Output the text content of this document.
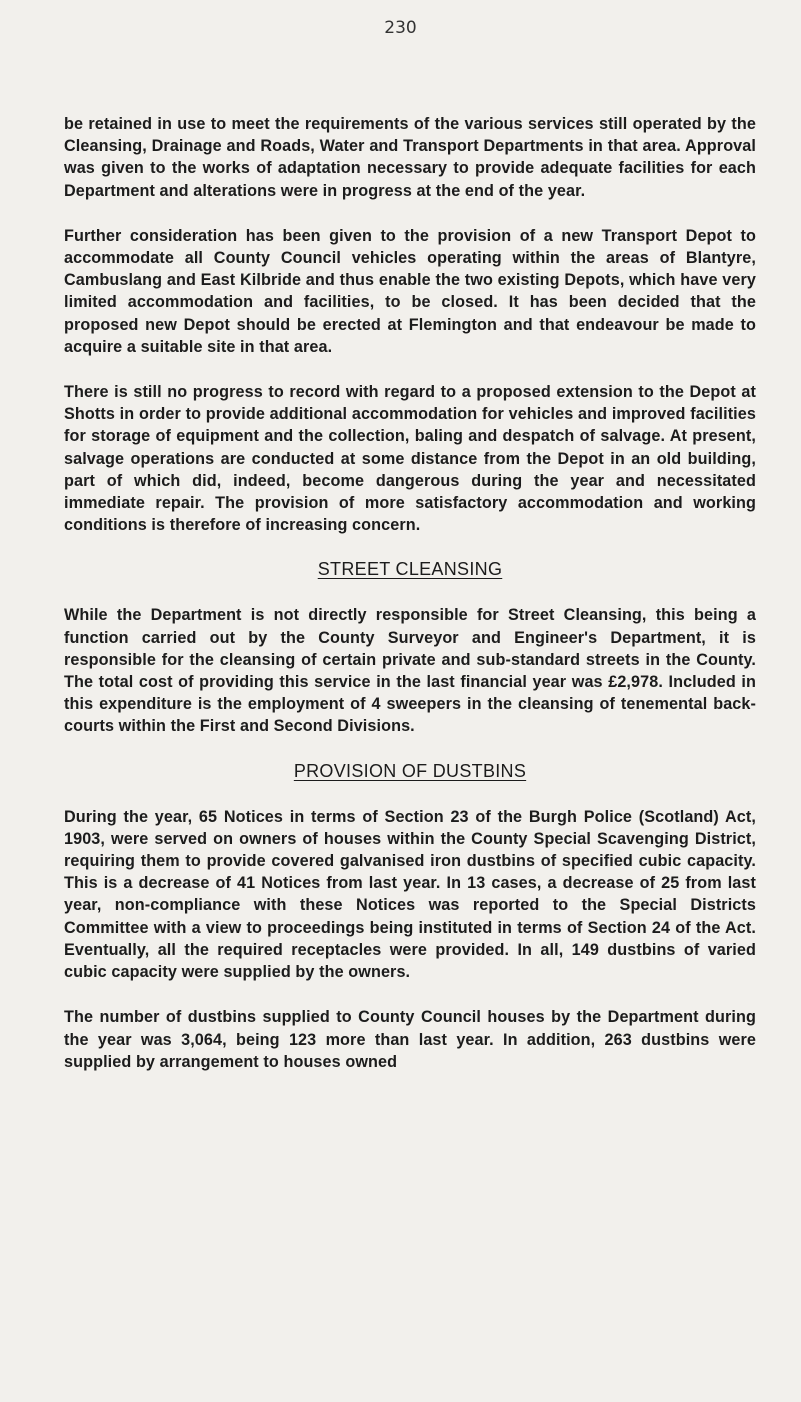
230

be retained in use to meet the requirements of the various services still operated by the Cleansing, Drainage and Roads, Water and Transport Departments in that area. Approval was given to the works of adaptation necessary to provide adequate facilities for each Department and alterations were in progress at the end of the year.

Further consideration has been given to the provision of a new Transport Depot to accommodate all County Council vehicles operating within the areas of Blantyre, Cambuslang and East Kilbride and thus enable the two existing Depots, which have very limited accommodation and facilities, to be closed. It has been decided that the proposed new Depot should be erected at Flemington and that endeavour be made to acquire a suitable site in that area.

There is still no progress to record with regard to a proposed extension to the Depot at Shotts in order to provide additional accommodation for vehicles and improved facilities for storage of equipment and the collection, baling and despatch of salvage. At present, salvage operations are conducted at some distance from the Depot in an old building, part of which did, indeed, become dangerous during the year and necessitated immediate repair. The provision of more satisfactory accommodation and working conditions is therefore of increasing concern.

STREET CLEANSING

While the Department is not directly responsible for Street Cleansing, this being a function carried out by the County Surveyor and Engineer's Department, it is responsible for the cleansing of certain private and sub-standard streets in the County. The total cost of providing this service in the last financial year was £2,978. Included in this expenditure is the employment of 4 sweepers in the cleansing of tenemental back-courts within the First and Second Divisions.

PROVISION OF DUSTBINS

During the year, 65 Notices in terms of Section 23 of the Burgh Police (Scotland) Act, 1903, were served on owners of houses within the County Special Scavenging District, requiring them to provide covered galvanised iron dustbins of specified cubic capacity. This is a decrease of 41 Notices from last year. In 13 cases, a decrease of 25 from last year, non-compliance with these Notices was reported to the Special Districts Committee with a view to proceedings being instituted in terms of Section 24 of the Act. Eventually, all the required receptacles were provided. In all, 149 dustbins of varied cubic capacity were supplied by the owners.

The number of dustbins supplied to County Council houses by the Department during the year was 3,064, being 123 more than last year. In addition, 263 dustbins were supplied by arrangement to houses owned
